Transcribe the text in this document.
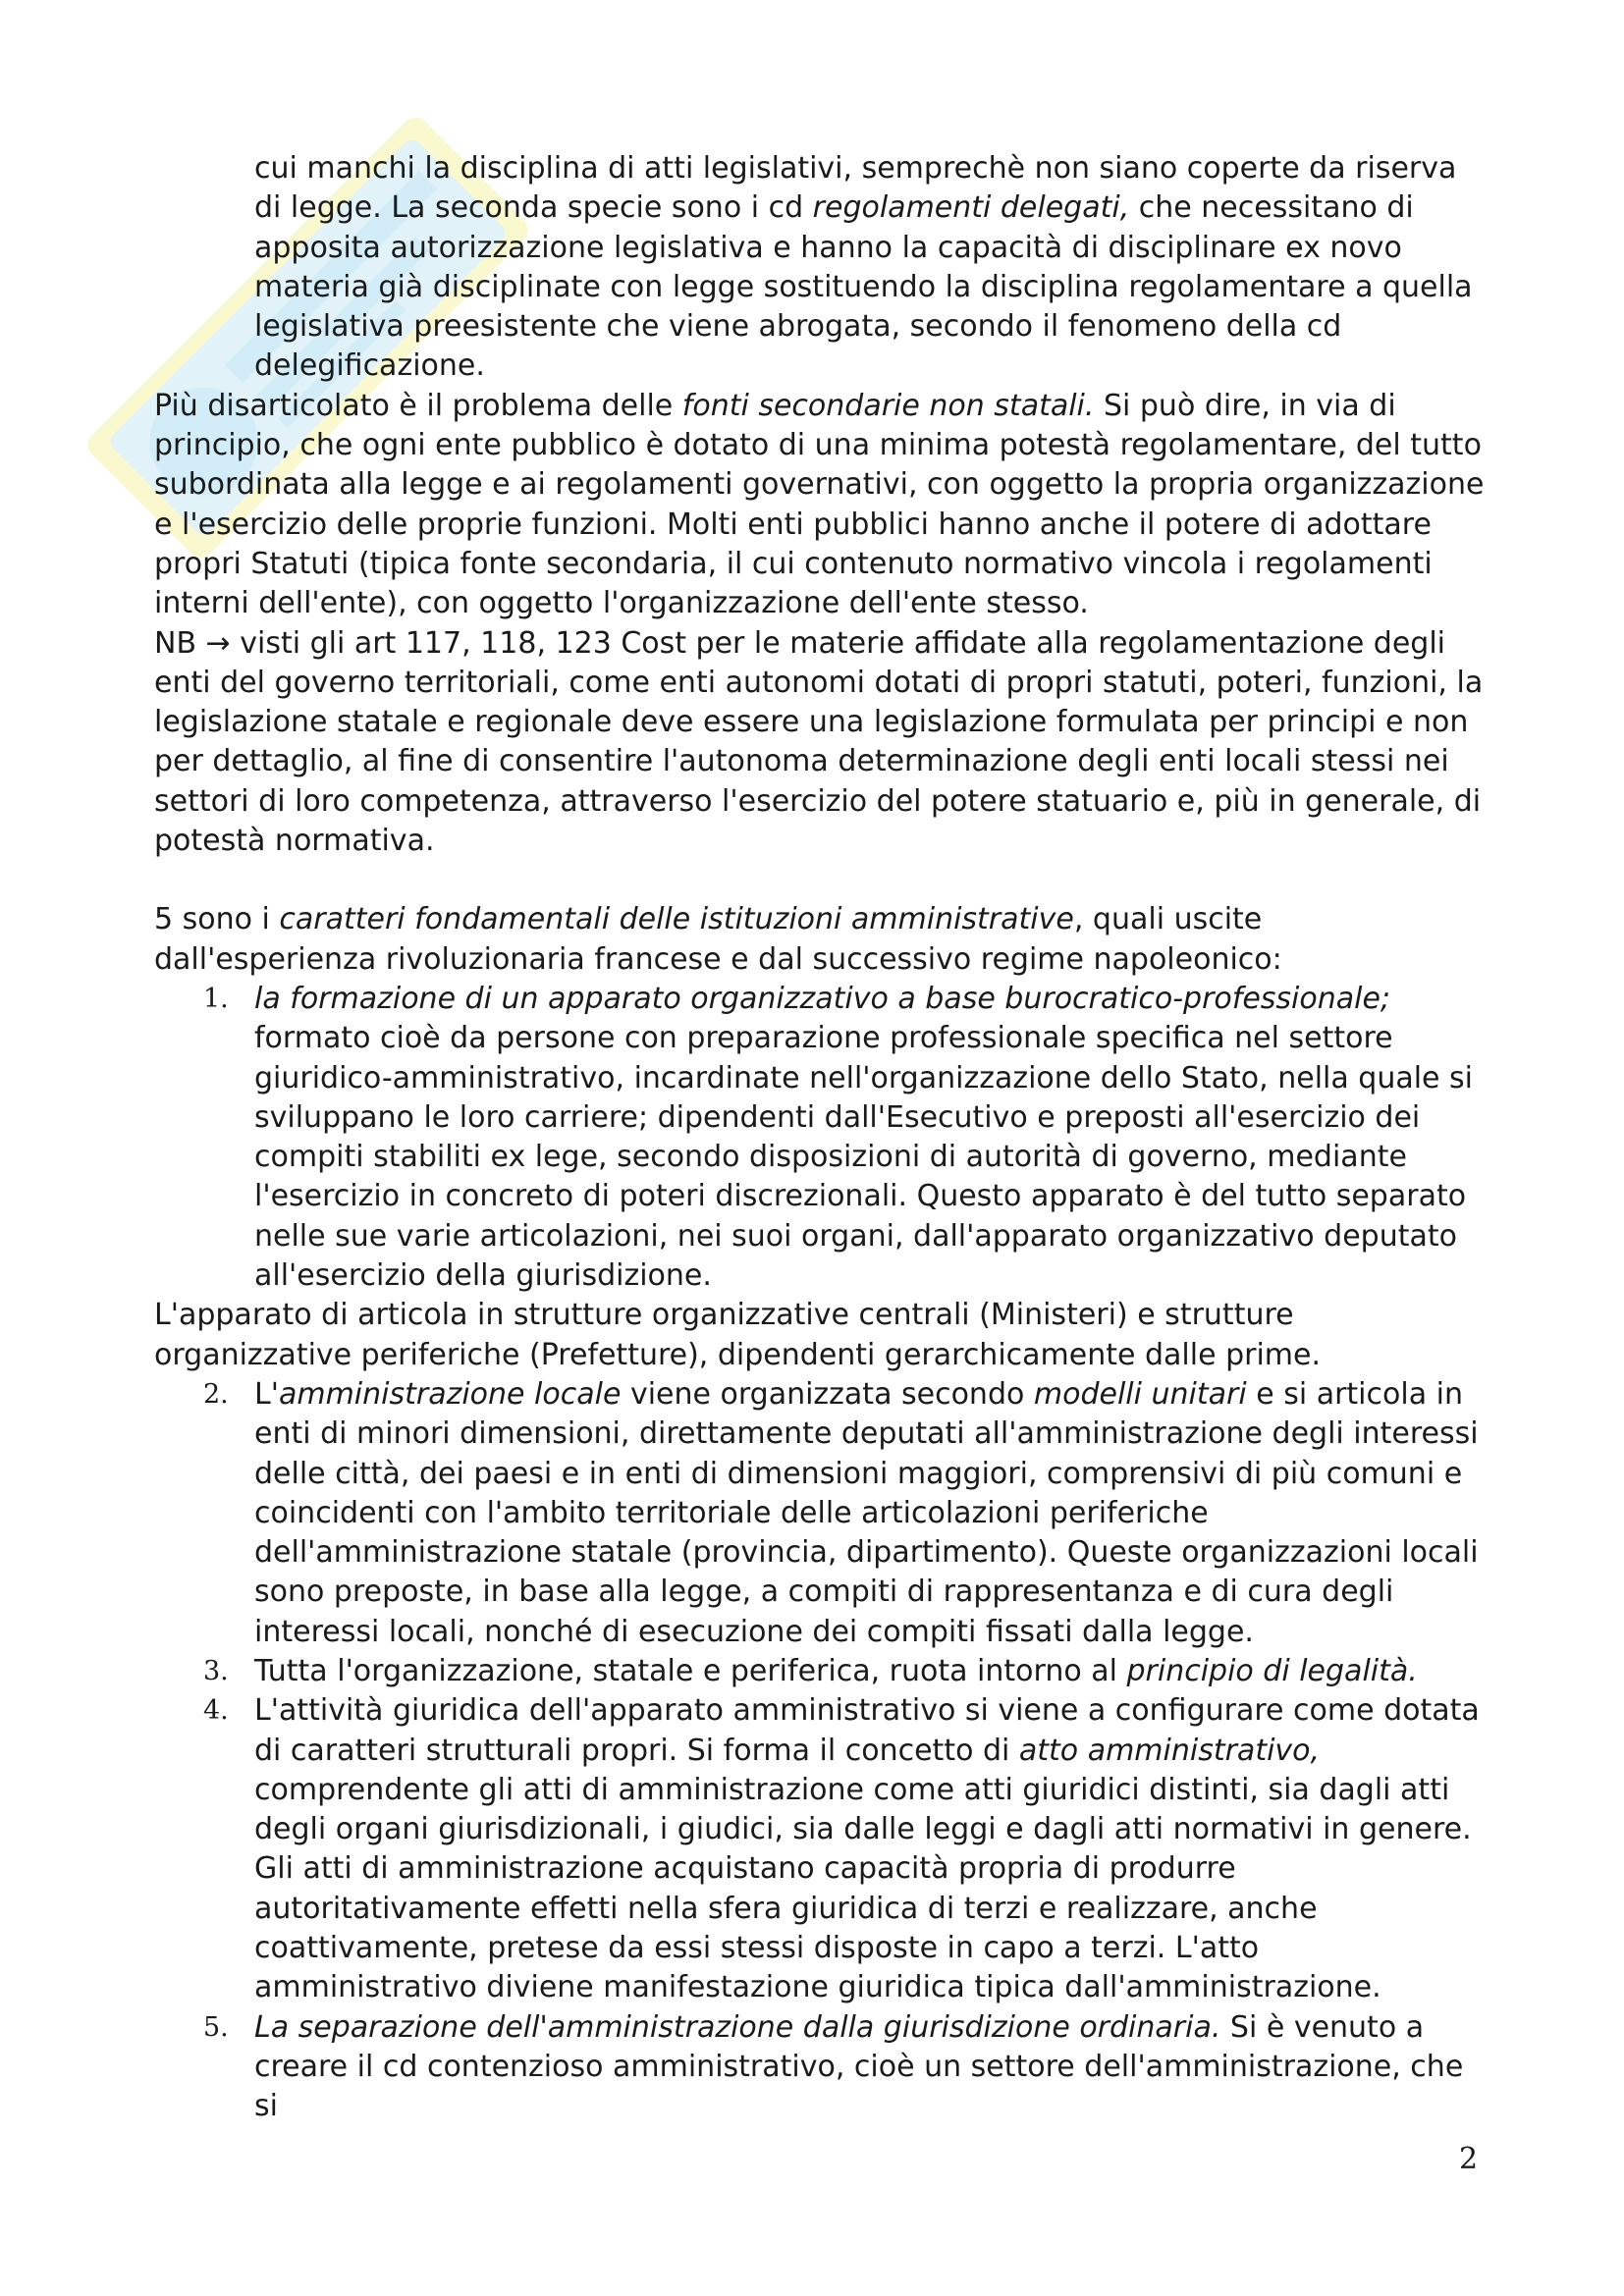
cui manchi la disciplina di atti legislativi, semprechè non siano coperte da riserva di legge. La seconda specie sono i cd regolamenti delegati, che necessitano di apposita autorizzazione legislativa e hanno la capacità di disciplinare ex novo materia già disciplinate con legge sostituendo la disciplina regolamentare a quella legislativa preesistente che viene abrogata, secondo il fenomeno della cd delegificazione.

Più disarticolato è il problema delle fonti secondarie non statali. Si può dire, in via di principio, che ogni ente pubblico è dotato di una minima potestà regolamentare, del tutto subordinata alla legge e ai regolamenti governativi, con oggetto la propria organizzazione e l'esercizio delle proprie funzioni. Molti enti pubblici hanno anche il potere di adottare propri Statuti (tipica fonte secondaria, il cui contenuto normativo vincola i regolamenti interni dell'ente), con oggetto l'organizzazione dell'ente stesso.

NB → visti gli art 117, 118, 123 Cost per le materie affidate alla regolamentazione degli enti del governo territoriali, come enti autonomi dotati di propri statuti, poteri, funzioni, la legislazione statale e regionale deve essere una legislazione formulata per principi e non per dettaglio, al fine di consentire l'autonoma determinazione degli enti locali stessi nei settori di loro competenza, attraverso l'esercizio del potere statuario e, più in generale, di potestà normativa.

5 sono i caratteri fondamentali delle istituzioni amministrative, quali uscite dall'esperienza rivoluzionaria francese e dal successivo regime napoleonico:

1. la formazione di un apparato organizzativo a base burocratico-professionale; formato cioè da persone con preparazione professionale specifica nel settore giuridico-amministrativo, incardinate nell'organizzazione dello Stato, nella quale si sviluppano le loro carriere; dipendenti dall'Esecutivo e preposti all'esercizio dei compiti stabiliti ex lege, secondo disposizioni di autorità di governo, mediante l'esercizio in concreto di poteri discrezionali. Questo apparato è del tutto separato nelle sue varie articolazioni, nei suoi organi, dall'apparato organizzativo deputato all'esercizio della giurisdizione.

L'apparato di articola in strutture organizzative centrali (Ministeri) e strutture organizzative periferiche (Prefetture), dipendenti gerarchicamente dalle prime.

2. L'amministrazione locale viene organizzata secondo modelli unitari e si articola in enti di minori dimensioni, direttamente deputati all'amministrazione degli interessi delle città, dei paesi e in enti di dimensioni maggiori, comprensivi di più comuni e coincidenti con l'ambito territoriale delle articolazioni periferiche dell'amministrazione statale (provincia, dipartimento). Queste organizzazioni locali sono preposte, in base alla legge, a compiti di rappresentanza e di cura degli interessi locali, nonché di esecuzione dei compiti fissati dalla legge.
3. Tutta l'organizzazione, statale e periferica, ruota intorno al principio di legalità.
4. L'attività giuridica dell'apparato amministrativo si viene a configurare come dotata di caratteri strutturali propri. Si forma il concetto di atto amministrativo, comprendente gli atti di amministrazione come atti giuridici distinti, sia dagli atti degli organi giurisdizionali, i giudici, sia dalle leggi e dagli atti normativi in genere. Gli atti di amministrazione acquistano capacità propria di produrre autoritativamente effetti nella sfera giuridica di terzi e realizzare, anche coattivamente, pretese da essi stessi disposte in capo a terzi. L'atto amministrativo diviene manifestazione giuridica tipica dall'amministrazione.
5. La separazione dell'amministrazione dalla giurisdizione ordinaria. Si è venuto a creare il cd contenzioso amministrativo, cioè un settore dell'amministrazione, che si
2
